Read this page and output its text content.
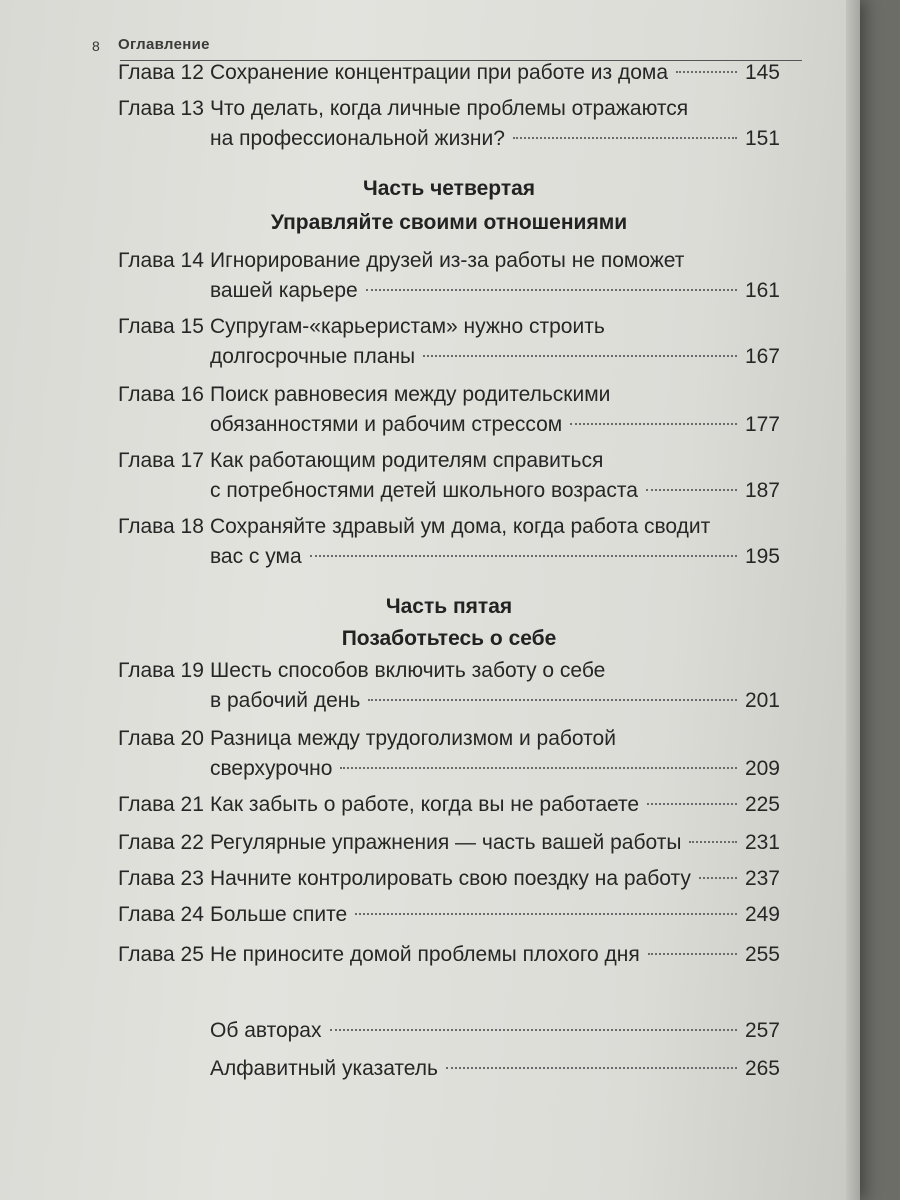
8 Оглавление
Глава 12 Сохранение концентрации при работе из дома	145
Глава 13 Что делать, когда личные проблемы отражаются
на профессиональной жизни?	151
Часть четвертая
Управляйте своими отношениями
Глава 14 Игнорирование друзей из-за работы не поможет
вашей карьере	161
Глава 15 Супругам-«карьеристам» нужно строить
долгосрочные планы	167
Глава 16 Поиск равновесия между родительскими
обязанностями и рабочим стрессом	177
Глава 17 Как работающим родителям справиться
с потребностями детей школьного возраста	187
Глава 18 Сохраняйте здравый ум дома, когда работа сводит
вас с ума	195
Часть пятая
Позаботьтесь о себе
Глава 19 Шесть способов включить заботу о себе
в рабочий день	201
Глава 20 Разница между трудоголизмом и работой
сверхурочно	209
Глава 21 Как забыть о работе, когда вы не работаете	225
Глава 22 Регулярные упражнения — часть вашей работы	231
Глава 23 Начните контролировать свою поездку на работу	237
Глава 24 Больше спите	249
Глава 25 Не приносите домой проблемы плохого дня	255
Об авторах	257
Алфавитный указатель	265
